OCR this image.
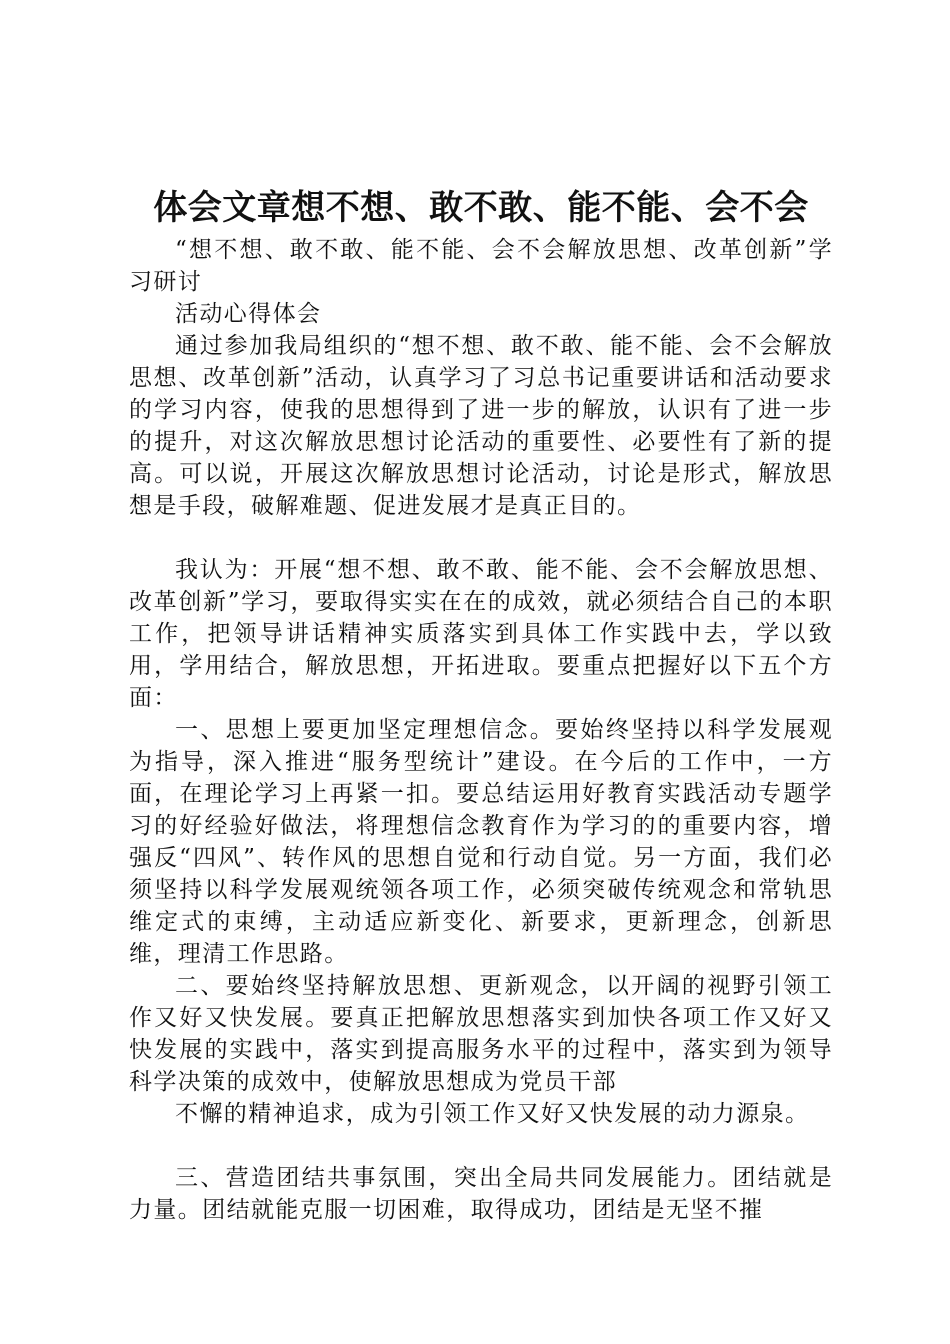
体会文章想不想、敢不敢、能不能、会不会

“想不想、敢不敢、能不能、会不会解放思想、改革创新”学习研讨

活动心得体会

通过参加我局组织的“想不想、敢不敢、能不能、会不会解放思想、改革创新”活动，认真学习了习总书记重要讲话和活动要求的学习内容，使我的思想得到了进一步的解放，认识有了进一步的提升，对这次解放思想讨论活动的重要性、必要性有了新的提高。可以说，开展这次解放思想讨论活动，讨论是形式，解放思想是手段，破解难题、促进发展才是真正目的。

我认为：开展“想不想、敢不敢、能不能、会不会解放思想、改革创新”学习，要取得实实在在的成效，就必须结合自己的本职工作，把领导讲话精神实质落实到具体工作实践中去，学以致用，学用结合，解放思想，开拓进取。要重点把握好以下五个方面：

一、思想上要更加坚定理想信念。要始终坚持以科学发展观为指导，深入推进“服务型统计”建设。在今后的工作中，一方面，在理论学习上再紧一扣。要总结运用好教育实践活动专题学习的好经验好做法，将理想信念教育作为学习的的重要内容，增强反“四风”、转作风的思想自觉和行动自觉。另一方面，我们必须坚持以科学发展观统领各项工作，必须突破传统观念和常轨思维定式的束缚，主动适应新变化、新要求，更新理念，创新思维，理清工作思路。

二、要始终坚持解放思想、更新观念，以开阔的视野引领工作又好又快发展。要真正把解放思想落实到加快各项工作又好又快发展的实践中，落实到提高服务水平的过程中，落实到为领导科学决策的成效中，使解放思想成为党员干部

不懈的精神追求，成为引领工作又好又快发展的动力源泉。

三、营造团结共事氛围，突出全局共同发展能力。团结就是力量。团结就能克服一切困难，取得成功，团结是无坚不摧
